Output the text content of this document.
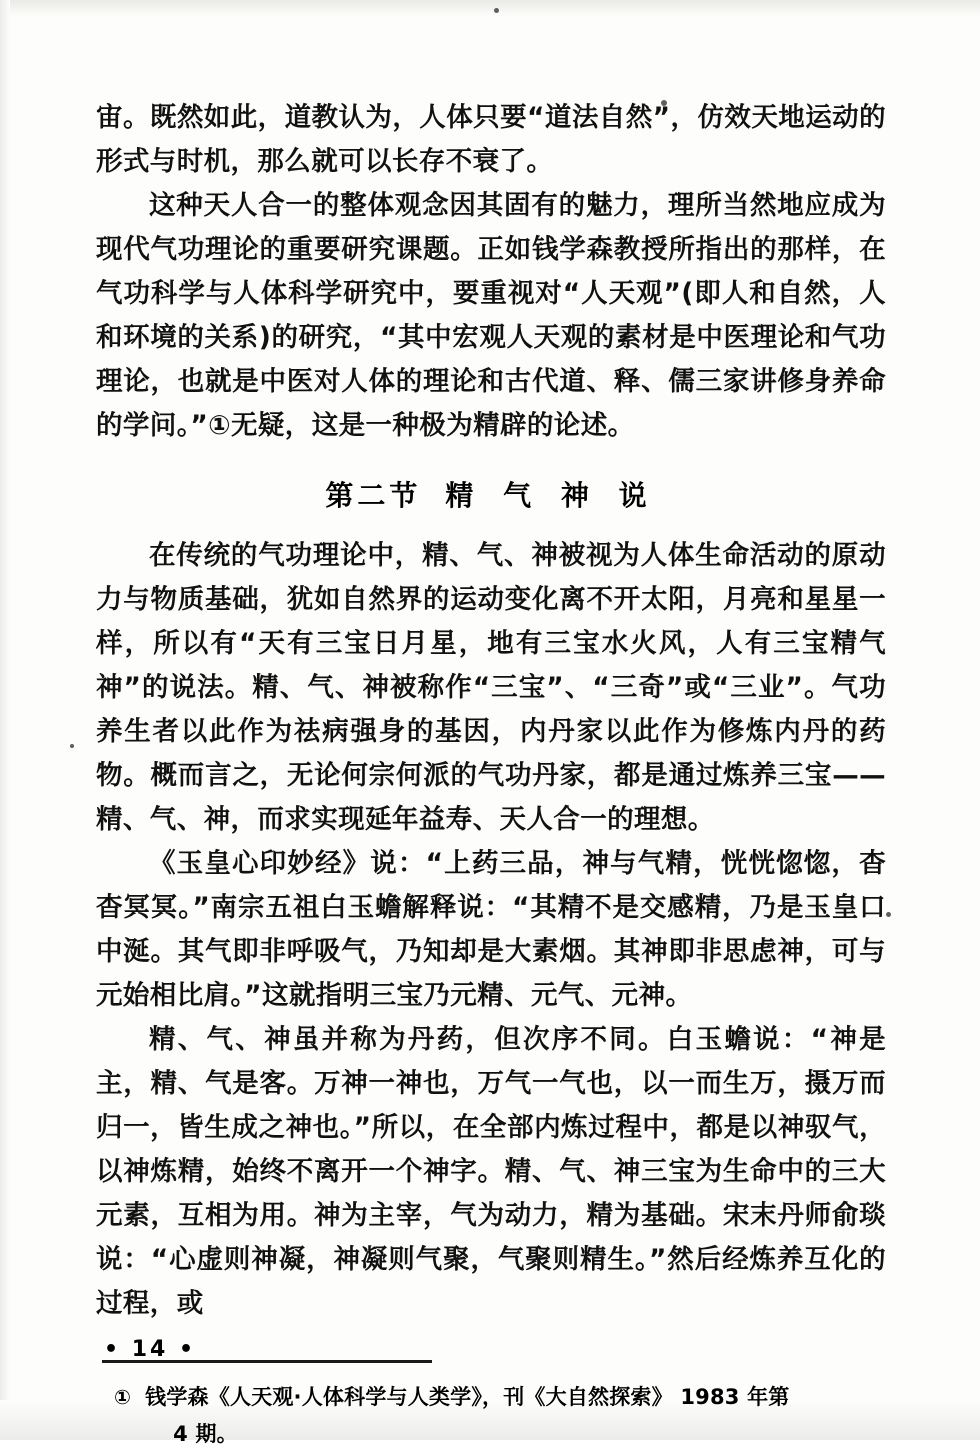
宙。既然如此，道教认为，人体只要“道法自然”，仿效天地运动的形式与时机，那么就可以长存不衰了。

这种天人合一的整体观念因其固有的魅力，理所当然地应成为现代气功理论的重要研究课题。正如钱学森教授所指出的那样，在气功科学与人体科学研究中，要重视对“人天观”(即人和自然，人和环境的关系)的研究，“其中宏观人天观的素材是中医理论和气功理论，也就是中医对人体的理论和古代道、释、儒三家讲修身养命的学问。”①无疑，这是一种极为精辟的论述。

第二节 精 气 神 说

在传统的气功理论中，精、气、神被视为人体生命活动的原动力与物质基础，犹如自然界的运动变化离不开太阳，月亮和星星一样，所以有“天有三宝日月星，地有三宝水火风，人有三宝精气神”的说法。精、气、神被称作“三宝”、“三奇”或“三业”。气功养生者以此作为祛病强身的基因，内丹家以此作为修炼内丹的药物。概而言之，无论何宗何派的气功丹家，都是通过炼养三宝——精、气、神，而求实现延年益寿、天人合一的理想。

《玉皇心印妙经》说：“上药三品，神与气精，恍恍惚惚，杳杳冥冥。”南宗五祖白玉蟾解释说：“其精不是交感精，乃是玉皇口中涎。其气即非呼吸气，乃知却是大素烟。其神即非思虑神，可与元始相比肩。”这就指明三宝乃元精、元气、元神。

精、气、神虽并称为丹药，但次序不同。白玉蟾说：“神是主，精、气是客。万神一神也，万气一气也，以一而生万，摄万而归一，皆生成之神也。”所以，在全部内炼过程中，都是以神驭气，以神炼精，始终不离开一个神字。精、气、神三宝为生命中的三大元素，互相为用。神为主宰，气为动力，精为基础。宋末丹师俞琰说：“心虚则神凝，神凝则气聚，气聚则精生。”然后经炼养互化的过程，或

① 钱学森《人天观·人体科学与人类学》，刊《大自然探索》 1983 年第
4 期。
• 14 •
